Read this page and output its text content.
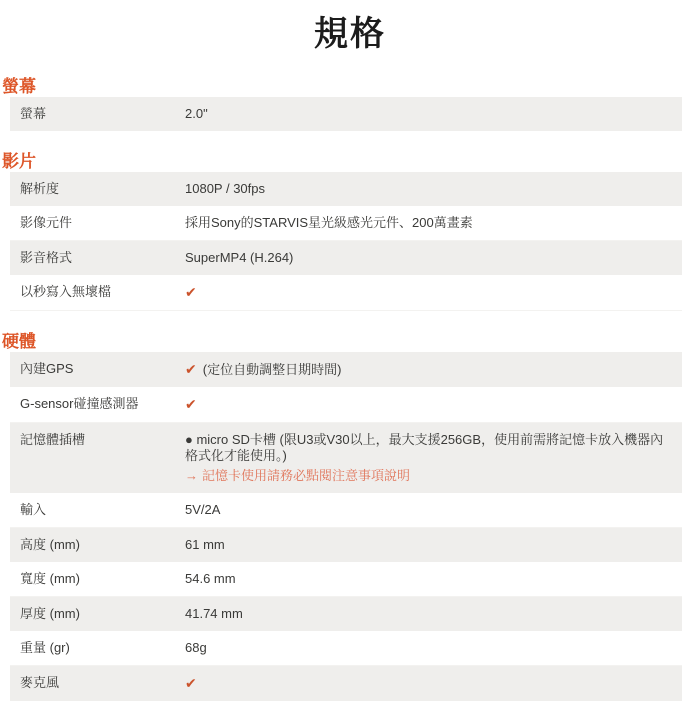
規格
螢幕
螢幕	2.0"
影片
解析度	1080P / 30fps
影像元件	採用Sony的STARVIS星光級感光元件、200萬畫素
影音格式	SuperMP4 (H.264)
以秒寫入無壞檔	✔
硬體
內建GPS	✔ (定位自動調整日期時間)
G-sensor碰撞感測器	✔
記憶體插槽	● micro SD卡槽 (限U3或V30以上，最大支援256GB，使用前需將記憶卡放入機器內格式化才能使用。)
→ 記憶卡使用請務必點閱注意事項說明
輸入	5V/2A
高度 (mm)	61 mm
寬度 (mm)	54.6 mm
厚度 (mm)	41.74 mm
重量 (gr)	68g
麥克風	✔
